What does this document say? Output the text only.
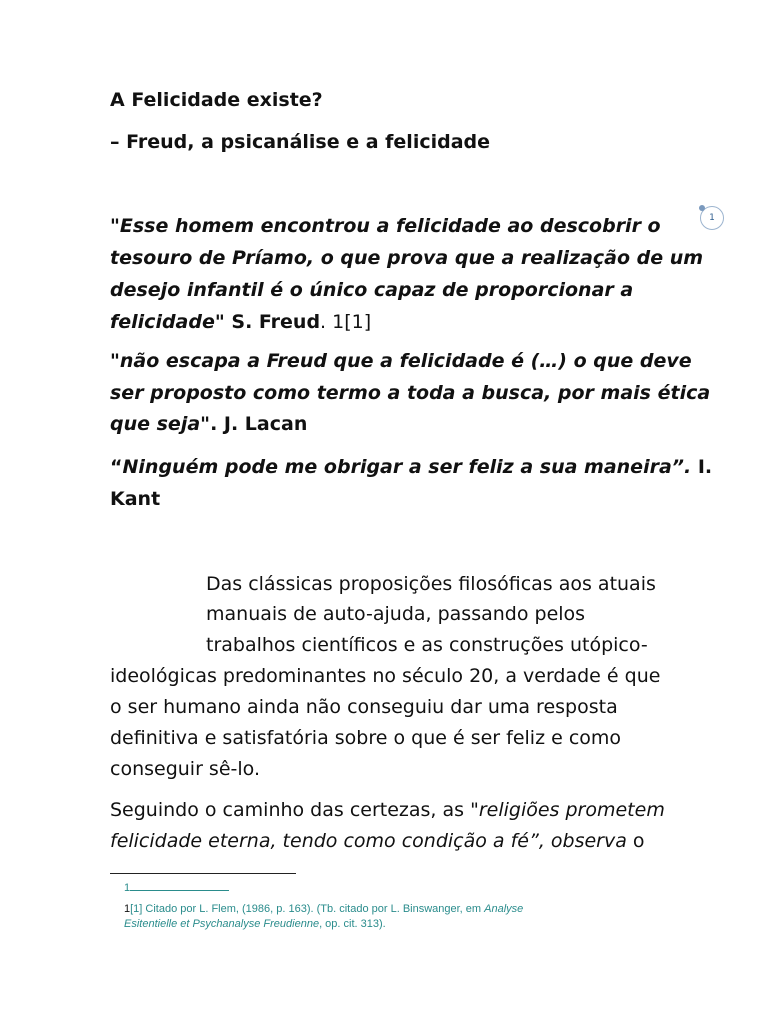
A Felicidade existe?

– Freud, a psicanálise e a felicidade

1

"Esse homem encontrou a felicidade ao descobrir o

tesouro de Príamo, o que prova que a realização de um

desejo infantil é o único capaz de proporcionar a

felicidade" S. Freud. 1[1]

"não escapa a Freud que a felicidade é (…) o que deve

ser proposto como termo a toda a busca, por mais ética

que seja". J. Lacan

“Ninguém pode me obrigar a ser feliz a sua maneira”. I.

Kant

Das clássicas proposições filosóficas aos atuais

manuais de auto-ajuda, passando pelos

trabalhos científicos e as construções utópico-

ideológicas predominantes no século 20, a verdade é que

o ser humano ainda não conseguiu dar uma resposta

definitiva e satisfatória sobre o que é ser feliz e como

conseguir sê-lo.

Seguindo o caminho das certezas, as "religiões prometem

felicidade eterna, tendo como condição a fé”, observa o

1
1[1] Citado por L. Flem, (1986, p. 163). (Tb. citado por L. Binswanger, em Analyse
Esitentielle et Psychanalyse Freudienne, op. cit. 313).
